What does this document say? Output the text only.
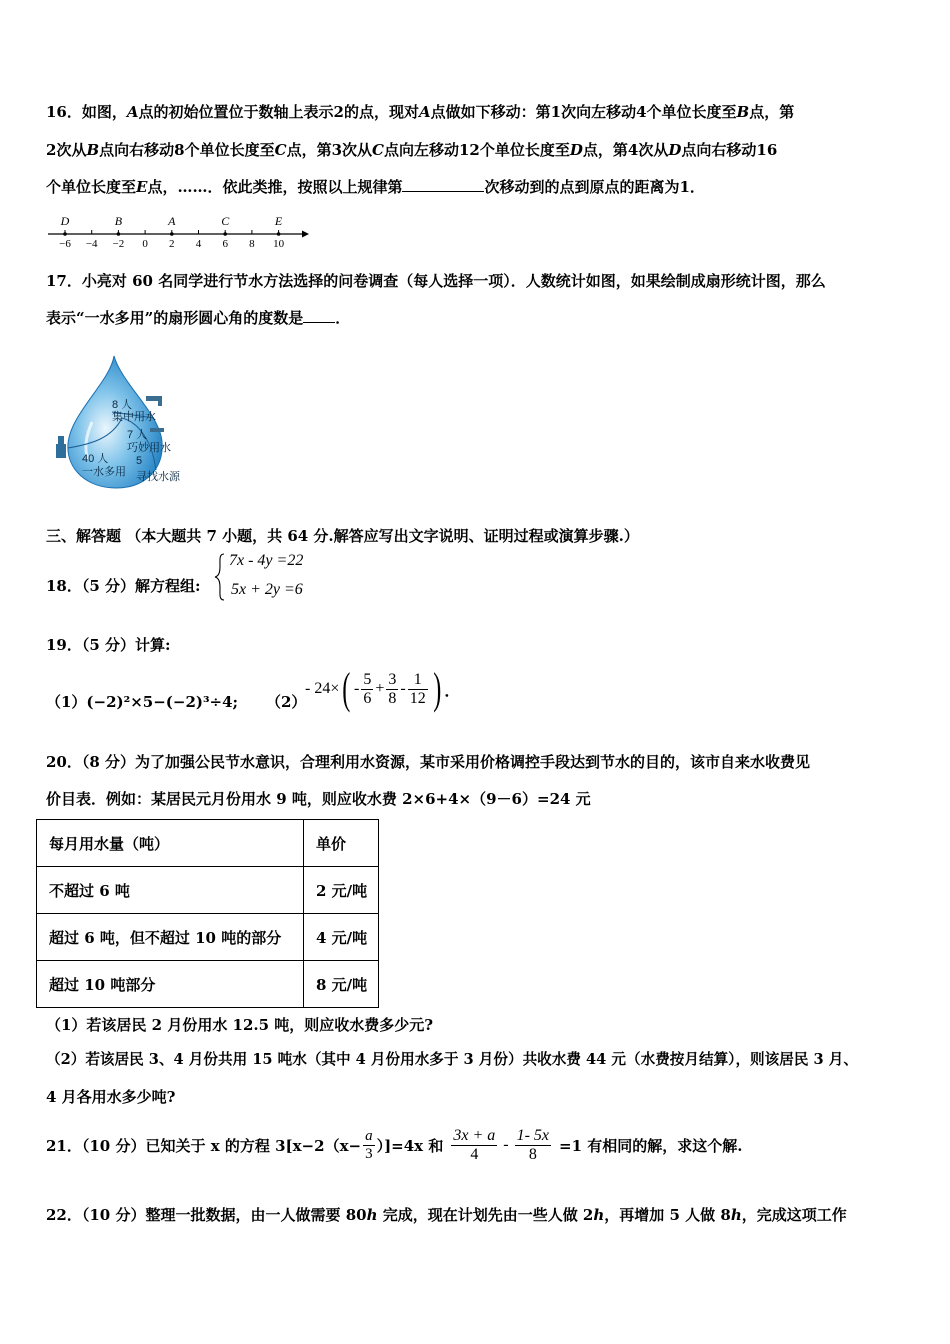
16．如图，A点的初始位置位于数轴上表示2的点，现对A点做如下移动：第1次向左移动4个单位长度至B点，第
2次从B点向右移动8个单位长度至C点，第3次从C点向左移动12个单位长度至D点，第4次从D点向右移动16
个单位长度至E点，……．依此类推，按照以上规律第	次移动到的点到原点的距离为1．
−6 −4 −2 0 2 4 6 8 10
D	B	A	C	E
17．小亮对 60 名同学进行节水方法选择的问卷调查（每人选择一项）．人数统计如图，如果绘制成扇形统计图，那么
表示“一水多用”的扇形圆心角的度数是 ．
8 人
集中用水
7 人
巧妙用水
40 人
一水多用
5
寻找水源
三、解答题 （本大题共 7 小题，共 64 分.解答应写出文字说明、证明过程或演算步骤.）
18．（5 分）解方程组:
7x - 4y =22
5x + 2y =6
19．（5 分）计算:
（1）(−2)²×5−(−2)³÷4; （2）
- 24× ( - $\frac{5}{6} + \frac{3}{8} - \frac{1}{12}$ ) ．
20．（8 分）为了加强公民节水意识，合理利用水资源，某市采用价格调控手段达到节水的目的，该市自来水收费见
价目表．例如：某居民元月份用水 9 吨，则应收水费 2×6+4×（9－6）=24 元
每月用水量（吨）	单价
不超过 6 吨	2 元/吨
超过 6 吨，但不超过 10 吨的部分	4 元/吨
超过 10 吨部分	8 元/吨
（1）若该居民 2 月份用水 12.5 吨，则应收水费多少元?
（2）若该居民 3、4 月份共用 15 吨水（其中 4 月份用水多于 3 月份）共收水费 44 元（水费按月结算），则该居民 3 月、
4 月各用水多少吨?
21．（10 分）已知关于 x 的方程 $3[x-2(x- \frac{a}{3} )]=4x$ 和 $\frac{3x + a}{4} - \frac{1- 5x}{8} =1$ 有相同的解，求这个解.
22．（10 分）整理一批数据，由一人做需要 80h 完成，现在计划先由一些人做 2h，再增加 5 人做 8h，完成这项工作
